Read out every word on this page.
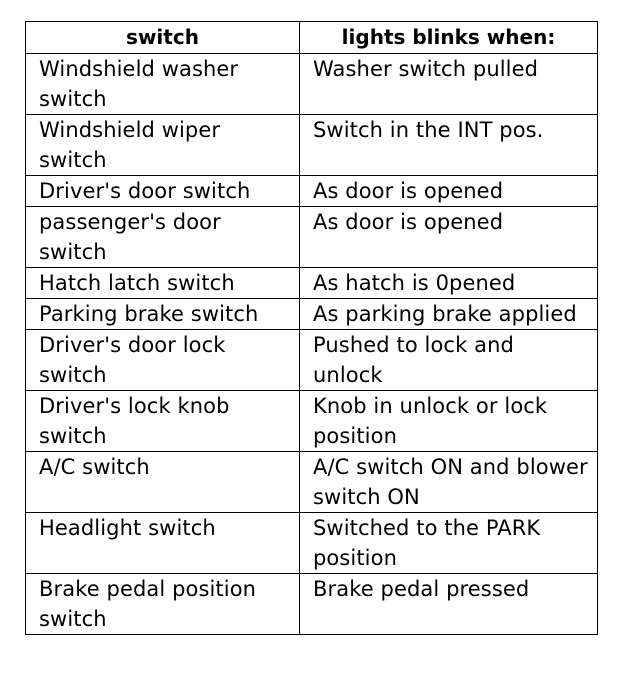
switch	lights blinks when:
Windshield washer switch	Washer switch pulled
Windshield wiper switch	Switch in the INT pos.
Driver's door switch	As door is opened
passenger's door switch	As door is opened
Hatch latch switch	As hatch is 0pened
Parking brake switch	As parking brake applied
Driver's door lock switch	Pushed to lock and unlock
Driver's lock knob switch	Knob in unlock or lock position
A/C switch	A/C switch ON and blower switch ON
Headlight switch	Switched to the PARK position
Brake pedal position switch	Brake pedal pressed
